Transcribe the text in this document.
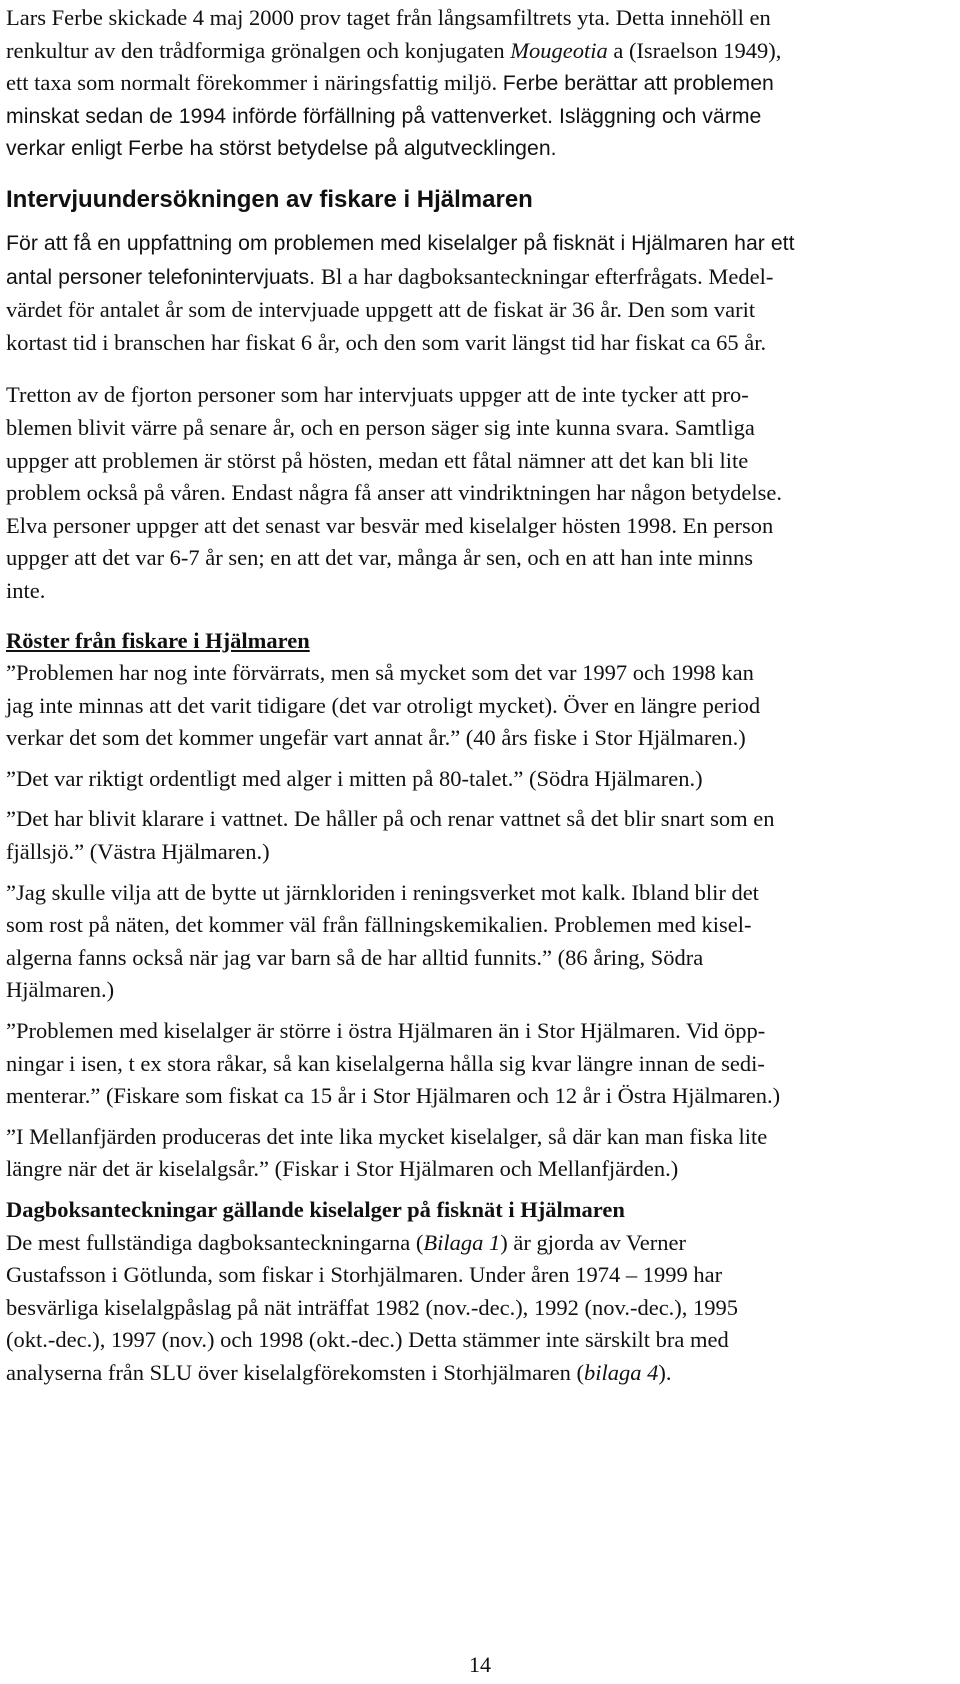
Lars Ferbe skickade 4 maj 2000 prov taget från långsamfiltrets yta. Detta innehöll en

renkultur av den trådformiga grönalgen och konjugaten Mougeotia a (Israelson 1949),

ett taxa som normalt förekommer i näringsfattig miljö. Ferbe berättar att problemen

minskat sedan de 1994 införde förfällning på vattenverket. Isläggning och värme

verkar enligt Ferbe ha störst betydelse på algutvecklingen.

Intervjuundersökningen av fiskare i Hjälmaren

För att få en uppfattning om problemen med kiselalger på fisknät i Hjälmaren har ett

antal personer telefonintervjuats. Bl a har dagboksanteckningar efterfrågats. Medel-

värdet för antalet år som de intervjuade uppgett att de fiskat är 36 år. Den som varit

kortast tid i branschen har fiskat 6 år, och den som varit längst tid har fiskat ca 65 år.

Tretton av de fjorton personer som har intervjuats uppger att de inte tycker att pro-

blemen blivit värre på senare år, och en person säger sig inte kunna svara. Samtliga

uppger att problemen är störst på hösten, medan ett fåtal nämner att det kan bli lite

problem också på våren. Endast några få anser att vindriktningen har någon betydelse.

Elva personer uppger att det senast var besvär med kiselalger hösten 1998. En person

uppger att det var 6-7 år sen; en att det var, många år sen, och en att han inte minns

inte.

Röster från fiskare i Hjälmaren

”Problemen har nog inte förvärrats, men så mycket som det var 1997 och 1998 kan

jag inte minnas att det varit tidigare (det var otroligt mycket). Över en längre period

verkar det som det kommer ungefär vart annat år.” (40 års fiske i Stor Hjälmaren.)

”Det var riktigt ordentligt med alger i mitten på 80-talet.” (Södra Hjälmaren.)

”Det har blivit klarare i vattnet. De håller på och renar vattnet så det blir snart som en

fjällsjö.” (Västra Hjälmaren.)

”Jag skulle vilja att de bytte ut järnkloriden i reningsverket mot kalk. Ibland blir det

som rost på näten, det kommer väl från fällningskemikalien. Problemen med kisel-

algerna fanns också när jag var barn så de har alltid funnits.” (86 åring, Södra

Hjälmaren.)

”Problemen med kiselalger är större i östra Hjälmaren än i Stor Hjälmaren. Vid öpp-

ningar i isen, t ex stora råkar, så kan kiselalgerna hålla sig kvar längre innan de sedi-

menterar.” (Fiskare som fiskat ca 15 år i Stor Hjälmaren och 12 år i Östra Hjälmaren.)

”I Mellanfjärden produceras det inte lika mycket kiselalger, så där kan man fiska lite

längre när det är kiselalgsår.” (Fiskar i Stor Hjälmaren och Mellanfjärden.)

Dagboksanteckningar gällande kiselalger på fisknät i Hjälmaren

De mest fullständiga dagboksanteckningarna (Bilaga 1) är gjorda av Verner

Gustafsson i Götlunda, som fiskar i Storhjälmaren. Under åren 1974 – 1999 har

besvärliga kiselalgpåslag på nät inträffat 1982 (nov.-dec.), 1992 (nov.-dec.), 1995

(okt.-dec.), 1997 (nov.) och 1998 (okt.-dec.) Detta stämmer inte särskilt bra med

analyserna från SLU över kiselalgförekomsten i Storhjälmaren (bilaga 4).

14
